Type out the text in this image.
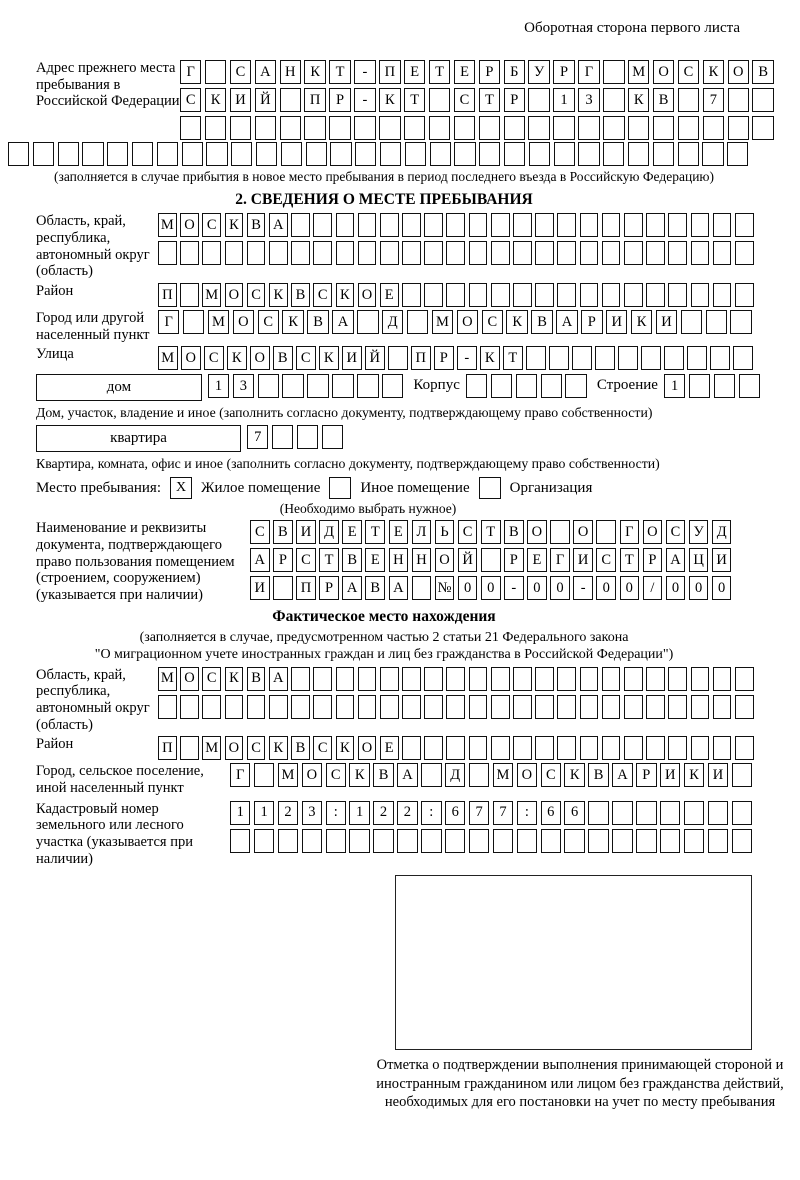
Оборотная сторона первого листа
Адрес прежнего места пребывания в Российской Федерации
Г	С	А Н	К	Т	-	П	Е	Т	Е	Р	Б	У	Р	Г	М О	С	К	О	В
С	К	И Й	П	Р	-	К	Т	С	Т	Р	1	3	К	В	7
(заполняется в случае прибытия в новое место пребывания в период последнего въезда в Российскую Федерацию)
2. СВЕДЕНИЯ О МЕСТЕ ПРЕБЫВАНИЯ
Область, край, республика, автономный округ (область)
М О С К В А
Район	П М О С К В С К О Е
Город или другой населенный пункт
Г	М О	С	К	В	А	Д	М О	С	К	В	А	Р	И	К	И
Улица	М О С К О В С К И Й	П Р	-	К Т
дом	1	3	Корпус	Строение 1
Дом, участок, владение и иное (заполнить согласно документу, подтверждающему право собственности)
квартира	7
Квартира, комната, офис и иное (заполнить согласно документу, подтверждающему право собственности)
Место пребывания:	X Жилое помещение	Иное помещение	Организация
(Необходимо выбрать нужное)
Наименование и реквизиты документа, подтверждающего право пользования помещением (строением, сооружением) (указывается при наличии)
С В И Д Е Т Е Л Ь С Т В О	О	Г О С У Д
А Р С Т В Е Н Н О Й	Р	Е Г И С Т	Р А Ц И
И	П Р А В А	№ 0	0	-	0	0	-	0	0	/	0	0	0
Фактическое место нахождения
(заполняется в случае, предусмотренном частью 2 статьи 21 Федерального закона
"О миграционном учете иностранных граждан и лиц без гражданства в Российской Федерации")
Область, край, республика, автономный округ (область)
М О С К В А
Район	П М О С К В С К О Е
Город, сельское поселение, иной населенный пункт
Г	М О С К В А	Д	М О С К В А	Р	И К И
Кадастровый номер земельного или лесного участка (указывается при наличии)
1	1	2	3	:	1	2	2	:	6	7	7	:	6	6
Отметка о подтверждении выполнения принимающей стороной и иностранным гражданином или лицом без гражданства действий, необходимых для его постановки на учет по месту пребывания
